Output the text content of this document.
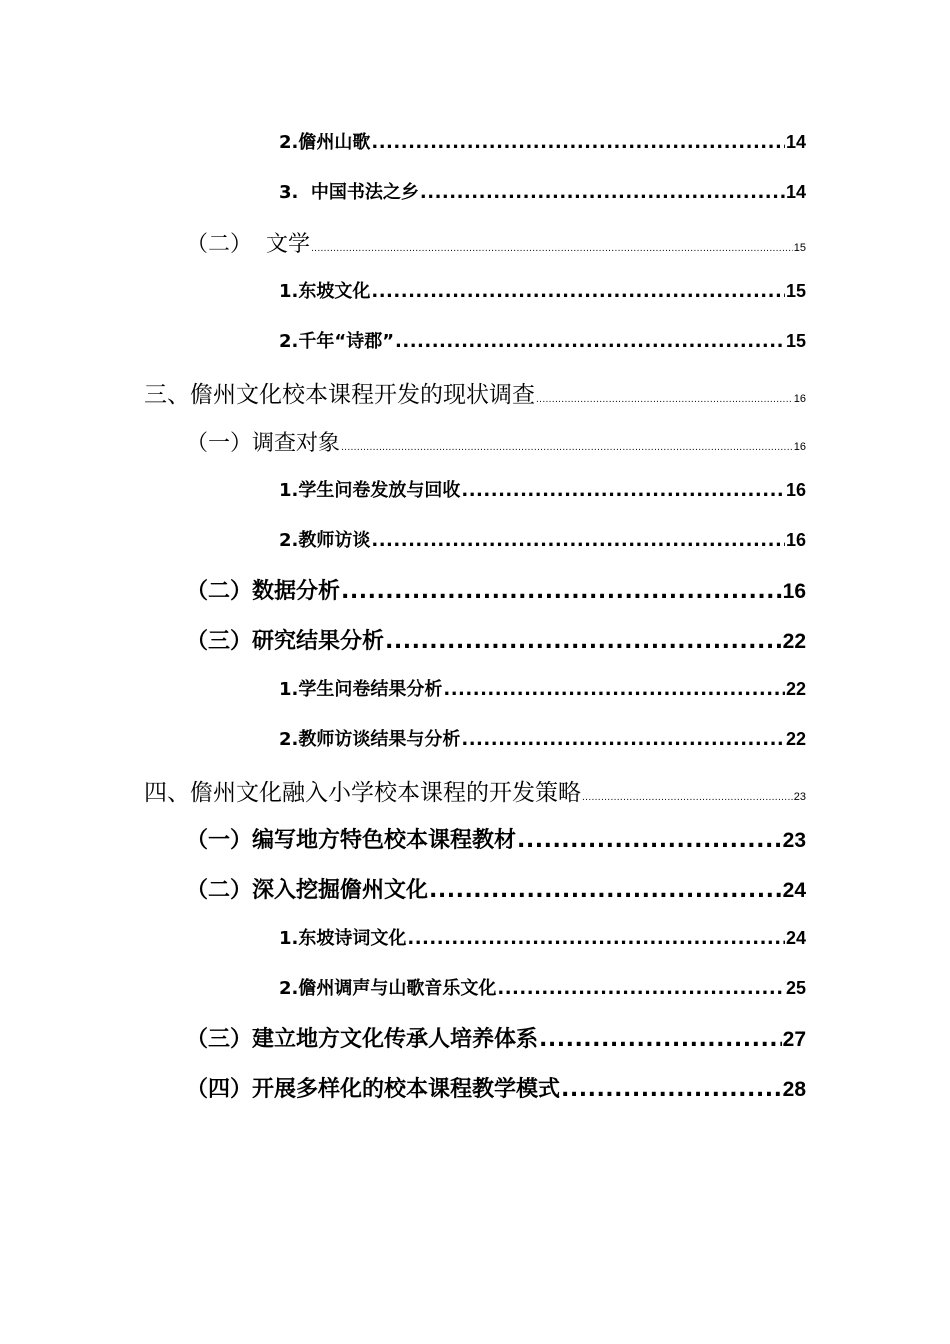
2.儋州山歌 .....	14
3.  中国书法之乡 .....	14
（二）  文学 .....	15
1.东坡文化 .....	15
2.千年“诗郡” .....	15
三、儋州文化校本课程开发的现状调查 .....	16
（一）调查对象 .....	16
1.学生问卷发放与回收 .....	16
2.教师访谈 .....	16
（二）数据分析 .....	16
（三）研究结果分析 .....	22
1.学生问卷结果分析 .....	22
2.教师访谈结果与分析 .....	22
四、儋州文化融入小学校本课程的开发策略 .....	23
（一）编写地方特色校本课程教材 .....	23
（二）深入挖掘儋州文化 .....	24
1.东坡诗词文化 .....	24
2.儋州调声与山歌音乐文化 .....	25
（三）建立地方文化传承人培养体系 .....	27
（四）开展多样化的校本课程教学模式 .....	28
